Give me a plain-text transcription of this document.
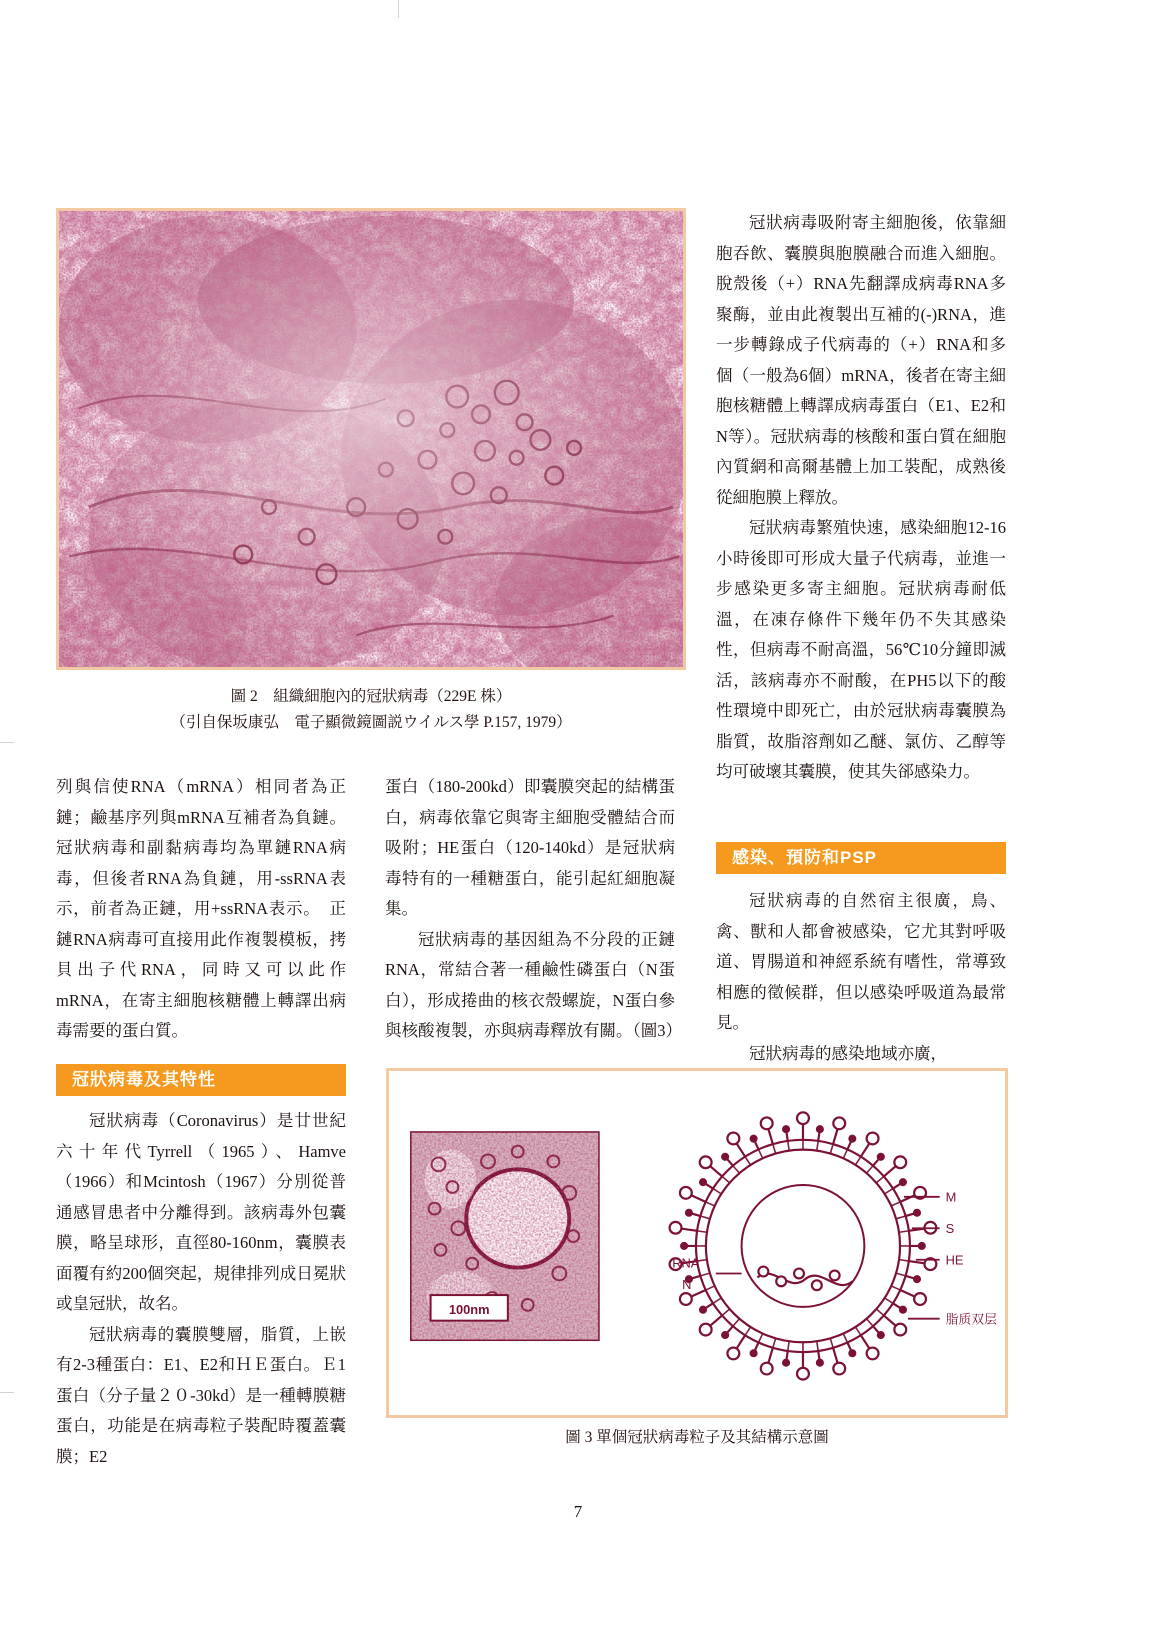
圖 2　組織細胞內的冠狀病毒（229E 株）
（引自保坂康弘　電子顯微鏡圖説ウイルス學 P.157, 1979）

冠狀病毒吸附寄主細胞後，依靠細胞吞飲、囊膜與胞膜融合而進入細胞。脫殼後（+）RNA先翻譯成病毒RNA多聚酶，並由此複製出互補的(-)RNA，進一步轉錄成子代病毒的（+）RNA和多個（一般為6個）mRNA，後者在寄主細胞核糖體上轉譯成病毒蛋白（E1、E2和N等）。冠狀病毒的核酸和蛋白質在細胞內質網和高爾基體上加工裝配，成熟後從細胞膜上釋放。

冠狀病毒繁殖快速，感染細胞12-16小時後即可形成大量子代病毒，並進一步感染更多寄主細胞。冠狀病毒耐低溫，在凍存條件下幾年仍不失其感染性，但病毒不耐高溫，56℃10分鐘即滅活，該病毒亦不耐酸，在PH5以下的酸性環境中即死亡，由於冠狀病毒囊膜為脂質，故脂溶劑如乙醚、氯仿、乙醇等均可破壞其囊膜，使其失郤感染力。

感染、預防和PSP

冠狀病毒的自然宿主很廣，鳥、禽、獸和人都會被感染，它尤其對呼吸道、胃腸道和神經系統有嗜性，常導致相應的徵候群，但以感染呼吸道為最常見。

冠狀病毒的感染地域亦廣，

列與信使RNA（mRNA）相同者為正鏈；鹼基序列與mRNA互補者為負鏈。冠狀病毒和副黏病毒均為單鏈RNA病毒，但後者RNA為負鏈，用-ssRNA表示，前者為正鏈，用+ssRNA表示。　正鏈RNA病毒可直接用此作複製模板，拷貝出子代RNA，同時又可以此作mRNA，在寄主細胞核糖體上轉譯出病毒需要的蛋白質。

蛋白（180-200kd）即囊膜突起的結構蛋白，病毒依靠它與寄主細胞受體結合而吸附；HE蛋白（120-140kd）是冠狀病毒特有的一種糖蛋白，能引起紅細胞凝集。

冠狀病毒的基因組為不分段的正鏈RNA，常結合著一種鹼性磷蛋白（N蛋白），形成捲曲的核衣殼螺旋，N蛋白參與核酸複製，亦與病毒釋放有關。（圖3）

冠狀病毒及其特性

冠狀病毒（Coronavirus）是廿世紀六十年代Tyrrell（1965）、Hamve（1966）和Mcintosh（1967）分別從普通感冒患者中分離得到。該病毒外包囊膜，略呈球形，直徑80-160nm，囊膜表面覆有約200個突起，規律排列成日冕狀或皇冠狀，故名。

冠狀病毒的囊膜雙層，脂質，上嵌有2-3種蛋白：E1、E2和ＨＥ蛋白。Ｅ1蛋白（分子量２０-30kd）是一種轉膜糖蛋白，功能是在病毒粒子裝配時覆蓋囊膜；E2

100nm
M
S
HE
脂质双层
RNA
N
圖 3 單個冠狀病毒粒子及其結構示意圖
7
